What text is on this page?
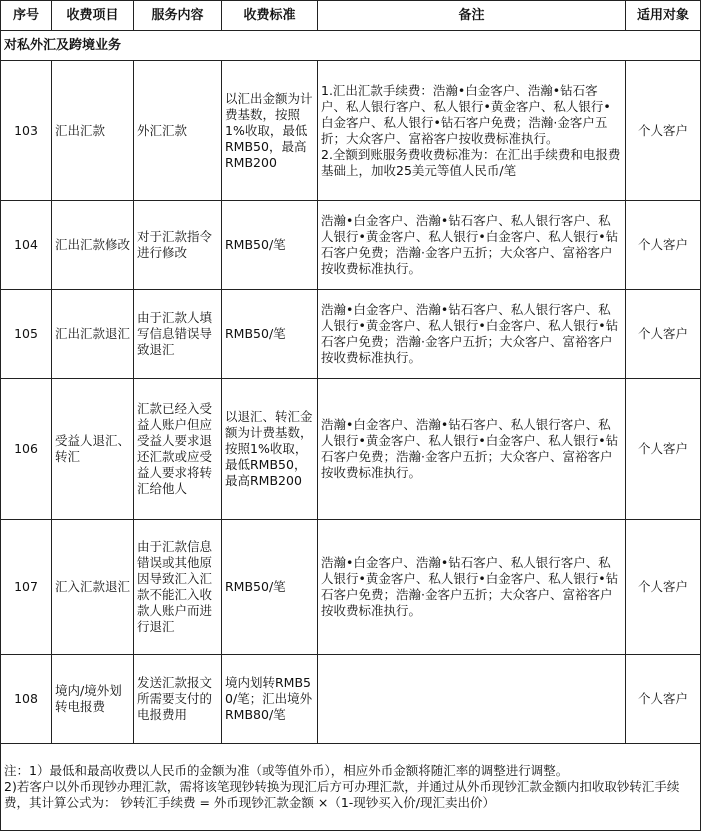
序号	收费项目	服务内容	收费标准	备注	适用对象
对私外汇及跨境业务					
103	汇出汇款	外汇汇款	以汇出金额为计费基数，按照1%收取，最低RMB50，最高RMB200	1.汇出汇款手续费：浩瀚•白金客户、浩瀚•钻石客户、私人银行客户、私人银行•黄金客户、私人银行•白金客户、私人银行•钻石客户免费；浩瀚·金客户五折；大众客户、富裕客户按收费标准执行。
2.全额到账服务费收费标准为：在汇出手续费和电报费基础上，加收25美元等值人民币/笔	个人客户
104	汇出汇款修改	对于汇款指令进行修改	RMB50/笔	浩瀚•白金客户、浩瀚•钻石客户、私人银行客户、私人银行•黄金客户、私人银行•白金客户、私人银行•钻石客户免费；浩瀚·金客户五折；大众客户、富裕客户按收费标准执行。	个人客户
105	汇出汇款退汇	由于汇款人填写信息错误导致退汇	RMB50/笔	浩瀚•白金客户、浩瀚•钻石客户、私人银行客户、私人银行•黄金客户、私人银行•白金客户、私人银行•钻石客户免费；浩瀚·金客户五折；大众客户、富裕客户按收费标准执行。	个人客户
106	受益人退汇、转汇	汇款已经入受益人账户但应受益人要求退还汇款或应受益人要求将转汇给他人	以退汇、转汇金额为计费基数，按照1%收取，最低RMB50，最高RMB200	浩瀚•白金客户、浩瀚•钻石客户、私人银行客户、私人银行•黄金客户、私人银行•白金客户、私人银行•钻石客户免费；浩瀚·金客户五折；大众客户、富裕客户按收费标准执行。	个人客户
107	汇入汇款退汇	由于汇款信息错误或其他原因导致汇入汇款不能汇入收款人账户而进行退汇	RMB50/笔	浩瀚•白金客户、浩瀚•钻石客户、私人银行客户、私人银行•黄金客户、私人银行•白金客户、私人银行•钻石客户免费；浩瀚·金客户五折；大众客户、富裕客户按收费标准执行。	个人客户
108	境内/境外划转电报费	发送汇款报文所需要支付的电报费用	境内划转RMB50/笔；汇出境外RMB80/笔		个人客户
注：1）最低和最高收费以人民币的金额为准（或等值外币），相应外币金额将随汇率的调整进行调整。
2)若客户以外币现钞办理汇款，需将该笔现钞转换为现汇后方可办理汇款，并通过从外币现钞汇款金额内扣收取钞转汇手续费，其计算公式为： 钞转汇手续费 = 外币现钞汇款金额 ×（1-现钞买入价/现汇卖出价）					
